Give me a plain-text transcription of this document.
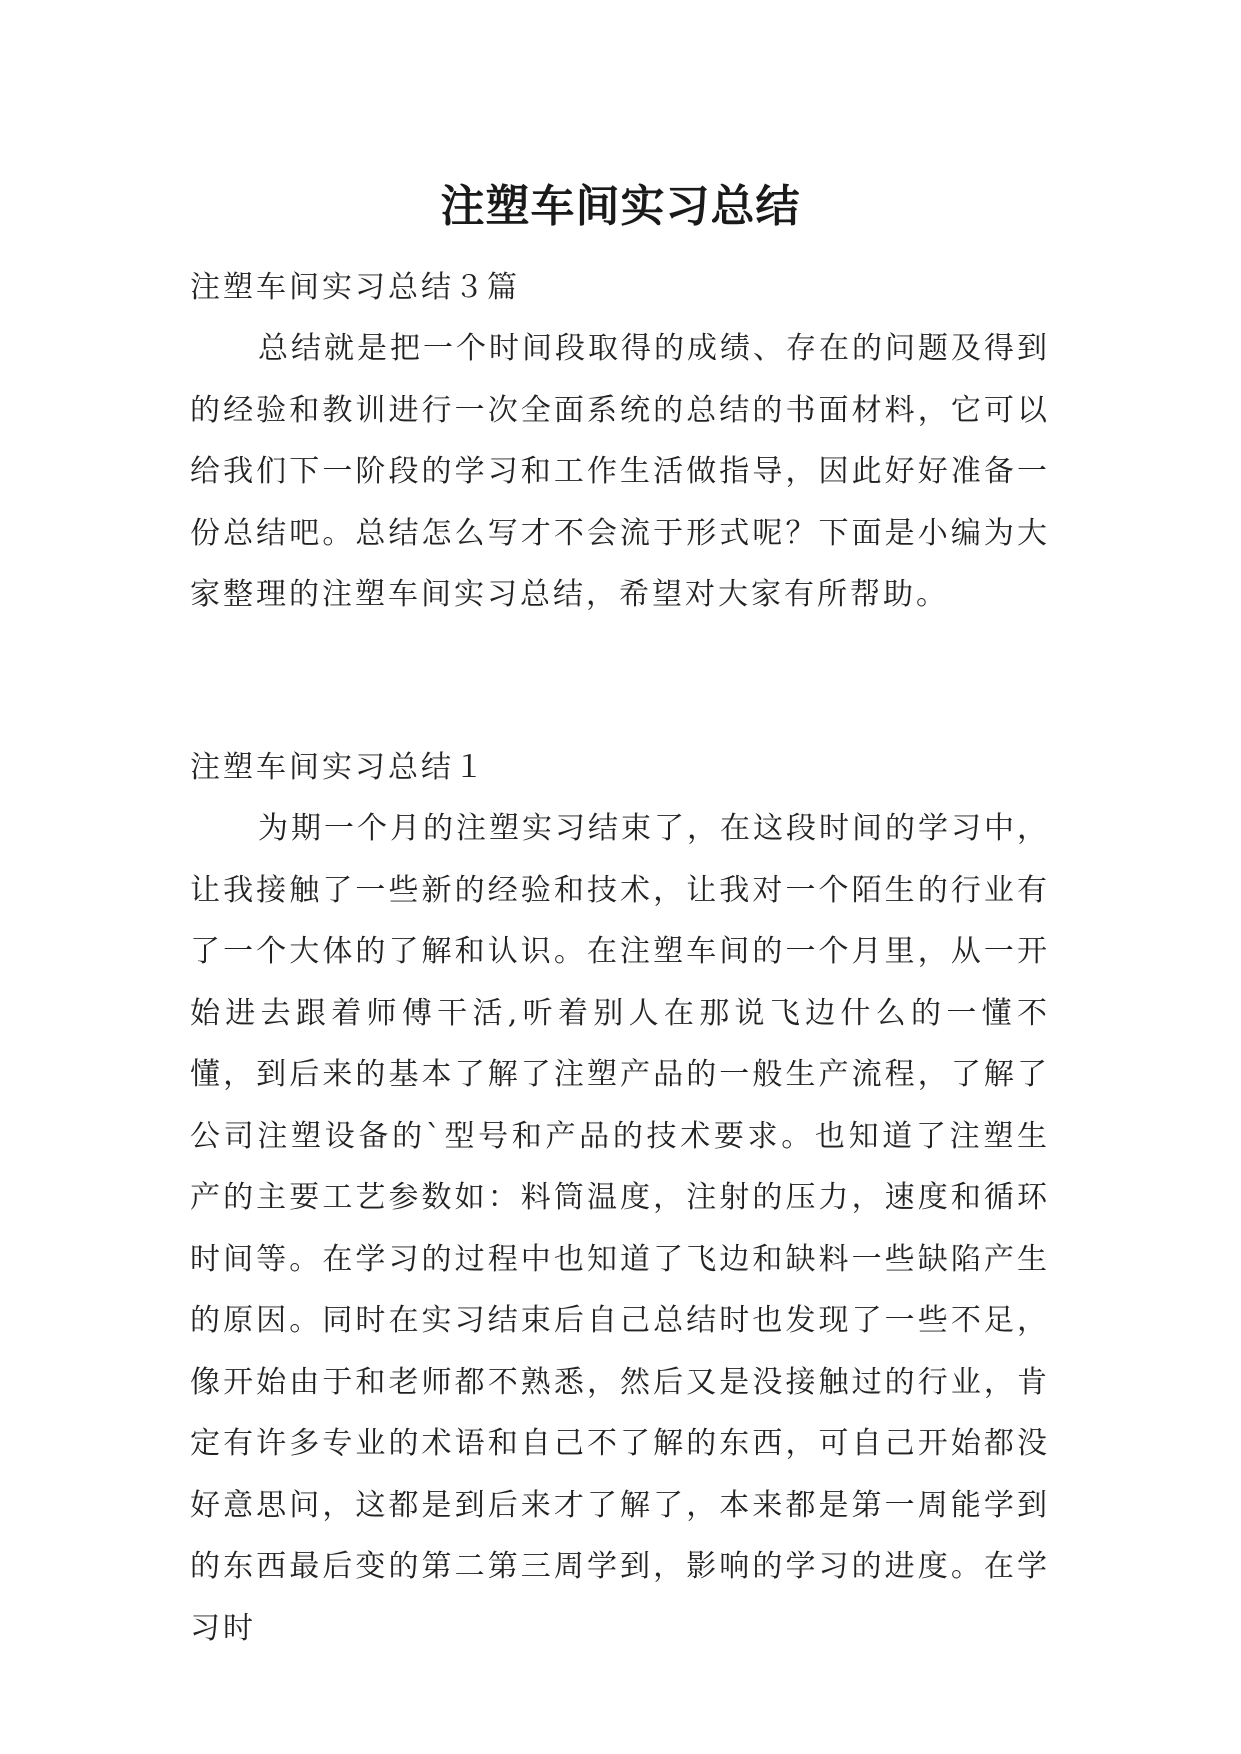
注塑车间实习总结

注塑车间实习总结３篇

总结就是把一个时间段取得的成绩、存在的问题及得到的经验和教训进行一次全面系统的总结的书面材料，它可以给我们下一阶段的学习和工作生活做指导，因此好好准备一份总结吧。总结怎么写才不会流于形式呢？下面是小编为大家整理的注塑车间实习总结，希望对大家有所帮助。

注塑车间实习总结１

为期一个月的注塑实习结束了，在这段时间的学习中，让我接触了一些新的经验和技术，让我对一个陌生的行业有了一个大体的了解和认识。在注塑车间的一个月里，从一开始进去跟着师傅干活,听着别人在那说飞边什么的一懂不懂，到后来的基本了解了注塑产品的一般生产流程，了解了公司注塑设备的`型号和产品的技术要求。也知道了注塑生产的主要工艺参数如：料筒温度，注射的压力，速度和循环时间等。在学习的过程中也知道了飞边和缺料一些缺陷产生的原因。同时在实习结束后自己总结时也发现了一些不足，像开始由于和老师都不熟悉，然后又是没接触过的行业，肯定有许多专业的术语和自己不了解的东西，可自己开始都没好意思问，这都是到后来才了解了，本来都是第一周能学到的东西最后变的第二第三周学到，影响的学习的进度。在学习时
